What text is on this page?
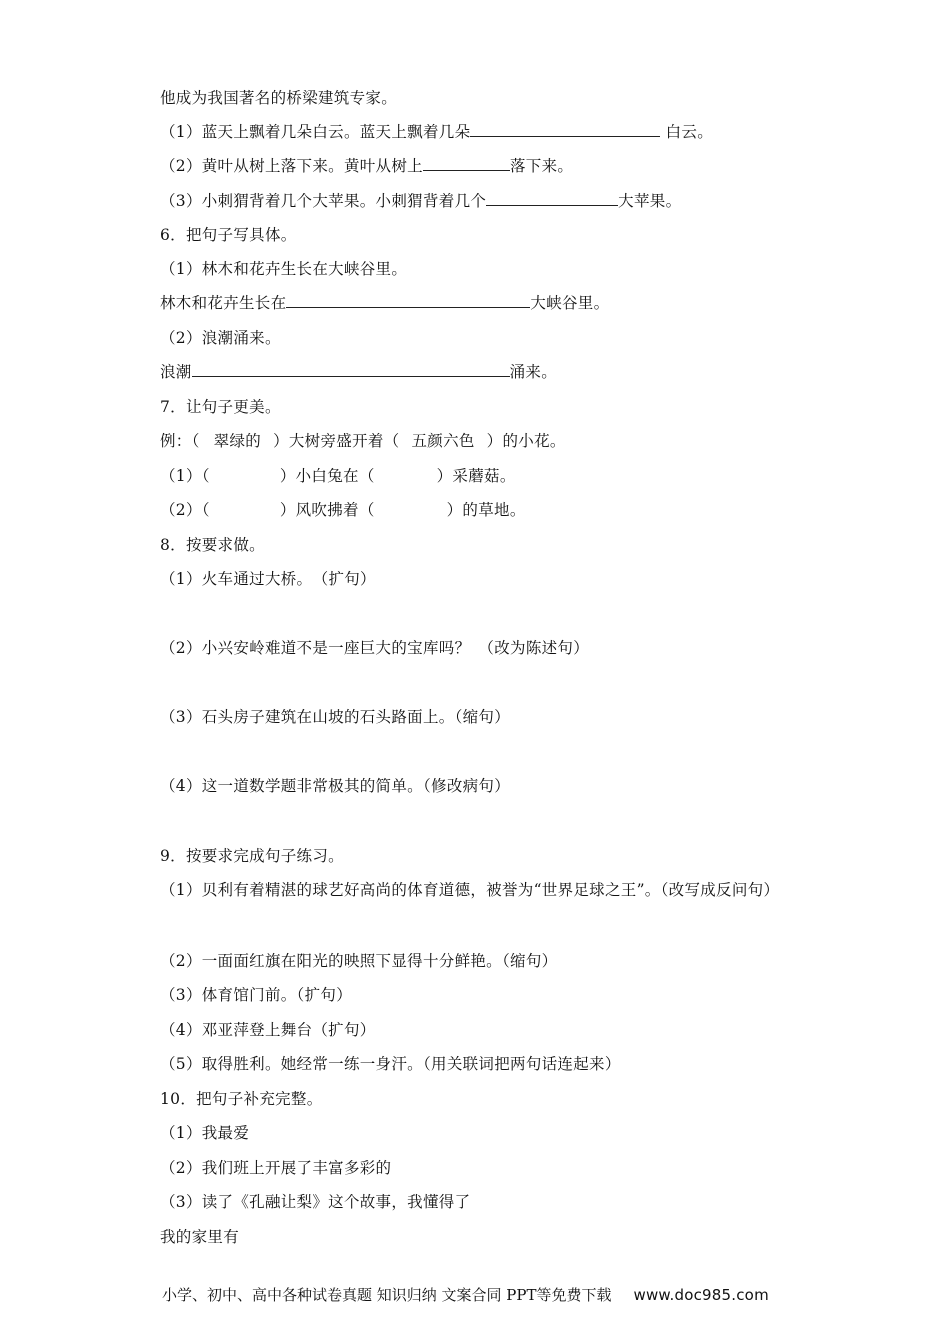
他成为我国著名的桥梁建筑专家。
（1）蓝天上飘着几朵白云。蓝天上飘着几朵	白云。
（2）黄叶从树上落下来。黄叶从树上	落下来。
（3）小刺猬背着几个大苹果。小刺猬背着几个	大苹果。
6．把句子写具体。
（1）林木和花卉生长在大峡谷里。
林木和花卉生长在	大峡谷里。
（2）浪潮涌来。
浪潮	涌来。
7．让句子更美。
例：（ 翠绿的 ）大树旁盛开着（ 五颜六色 ）的小花。
（1）（	）小白兔在（	）采蘑菇。
（2）（	）风吹拂着（	）的草地。
8．按要求做。
（1）火车通过大桥。　（扩句）
（2）小兴安岭难道不是一座巨大的宝库吗？　（改为陈述句）
（3）石头房子建筑在山坡的石头路面上。（缩句）
（4）这一道数学题非常极其的简单。（修改病句）
9．按要求完成句子练习。
（1）贝利有着精湛的球艺好高尚的体育道德，被誉为“世界足球之王”。（改写成反问句）
（2）一面面红旗在阳光的映照下显得十分鲜艳。（缩句）
（3）体育馆门前。（扩句）
（4）邓亚萍登上舞台（扩句）
（5）取得胜利。她经常一练一身汗。（用关联词把两句话连起来）
10．把句子补充完整。
（1）我最爱
（2）我们班上开展了丰富多彩的
（3）读了《孔融让梨》这个故事，我懂得了
我的家里有
小学、初中、高中各种试卷真题 知识归纳 文案合同 PPT等免费下载 www.doc985.com
